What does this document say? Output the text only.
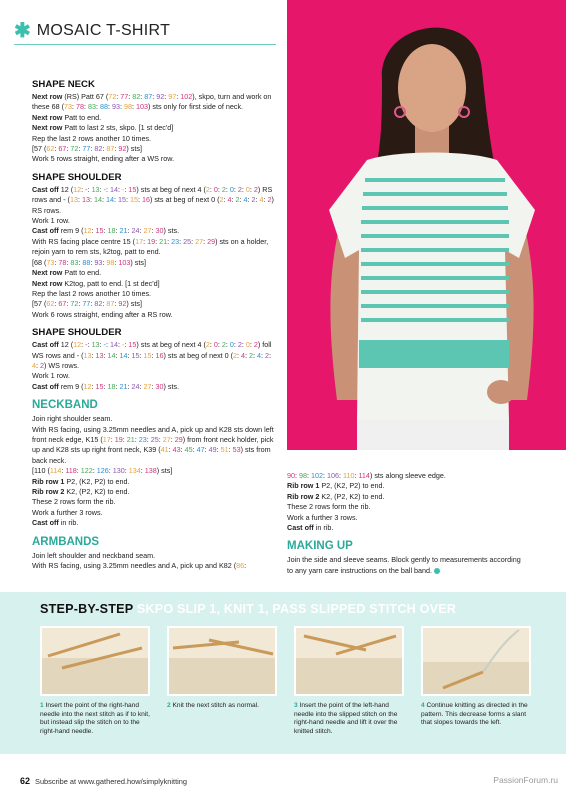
✱ MOSAIC T-SHIRT
SHAPE NECK

Next row (RS) Patt 67 (72: 77: 82: 87: 92: 97: 102), skpo, turn and work on these 68 (73: 78: 83: 88: 93: 98: 103) sts only for first side of neck.

Next row Patt to end.

Next row Patt to last 2 sts, skpo. [1 st dec'd]

Rep the last 2 rows another 10 times.

[57 (62: 67: 72: 77: 82: 87: 92) sts]

Work 5 rows straight, ending after a WS row.

SHAPE SHOULDER

Cast off 12 (12: -: 13: -: 14: -: 15) sts at beg of next 4 (2: 0: 2: 0: 2: 0: 2) RS rows and - (13: 13: 14: 14: 15: 15: 16) sts at beg of next 0 (2: 4: 2: 4: 2: 4: 2) RS rows.

Work 1 row.

Cast off rem 9 (12: 15: 18: 21: 24: 27: 30) sts.

With RS facing place centre 15 (17: 19: 21: 23: 25: 27: 29) sts on a holder, rejoin yarn to rem sts, k2tog, patt to end.

[68 (73: 78: 83: 88: 93: 98: 103) sts]

Next row Patt to end.

Next row K2tog, patt to end. [1 st dec'd]

Rep the last 2 rows another 10 times.

[57 (62: 67: 72: 77: 82: 87: 92) sts]

Work 6 rows straight, ending after a RS row.

SHAPE SHOULDER

Cast off 12 (12: -: 13: -: 14: -: 15) sts at beg of next 4 (2: 0: 2: 0: 2: 0: 2) foll WS rows and - (13: 13: 14: 14: 15: 15: 16) sts at beg of next 0 (2: 4: 2: 4: 2: 4: 2) WS rows.

Work 1 row.

Cast off rem 9 (12: 15: 18: 21: 24: 27: 30) sts.

NECKBAND

Join right shoulder seam.

With RS facing, using 3.25mm needles and A, pick up and K28 sts down left front neck edge, K15 (17: 19: 21: 23: 25: 27: 29) from front neck holder, pick up and K28 sts up right front neck, K39 (41: 43: 45: 47: 49: 51: 53) sts from back neck.

[110 (114: 118: 122: 126: 130: 134: 138) sts]

Rib row 1 P2, (K2, P2) to end.

Rib row 2 K2, (P2, K2) to end.

These 2 rows form the rib.

Work a further 3 rows.

Cast off in rib.

ARMBANDS

Join left shoulder and neckband seam.

With RS facing, using 3.25mm needles and A, pick up and K82 (86:

90: 98: 102: 106: 110: 114) sts along sleeve edge.

Rib row 1 P2, (K2, P2) to end.

Rib row 2 K2, (P2, K2) to end.

These 2 rows form the rib.

Work a further 3 rows.

Cast off in rib.

MAKING UP

Join the side and sleeve seams. Block gently to measurements according to any yarn care instructions on the ball band.

STEP-BY-STEP SKPO SLIP 1, KNIT 1, PASS SLIPPED STITCH OVER
1 Insert the point of the right-hand needle into the next stitch as if to knit, but instead slip the stitch on to the right-hand needle.
2 Knit the next stitch as normal.	3 Insert the point of the left-hand needle into the slipped stitch on the right-hand needle and lift it over the knitted stitch.
4 Continue knitting as directed in the pattern. This decrease forms a slant that slopes towards the left.
62 Subscribe at www.gathered.how/simplyknitting	PassionForum.ru
